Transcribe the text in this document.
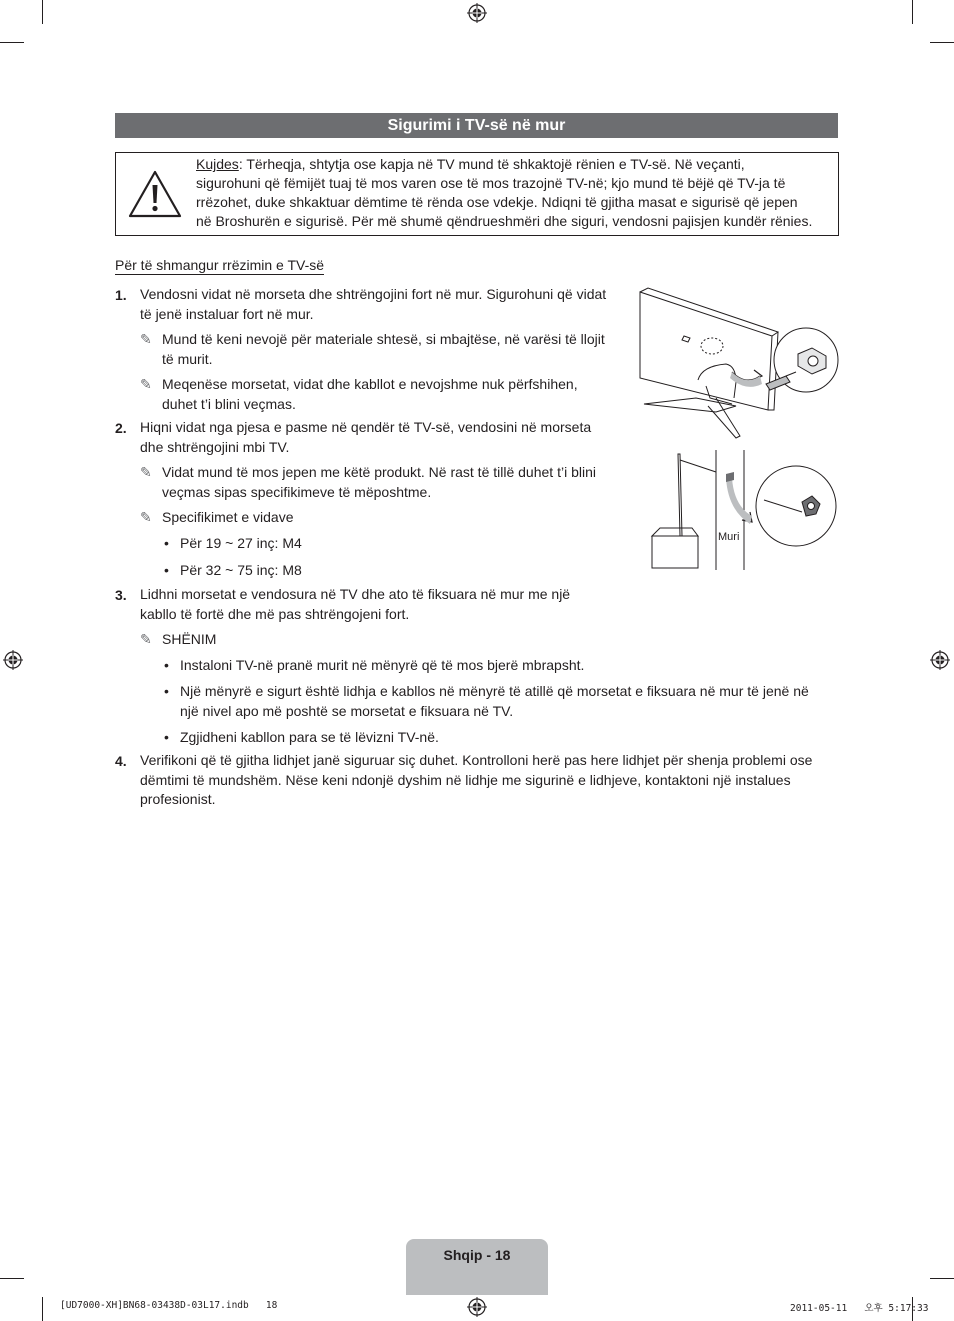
Sigurimi i TV-së në mur
Kujdes: Tërheqja, shtytja ose kapja në TV mund të shkaktojë rënien e TV-së. Në veçanti,
sigurohuni që fëmijët tuaj të mos varen ose të mos trazojnë TV-në; kjo mund të bëjë që TV-ja të
rrëzohet, duke shkaktuar dëmtime të rënda ose vdekje. Ndiqni të gjitha masat e sigurisë që jepen
në Broshurën e sigurisë. Për më shumë qëndrueshmëri dhe siguri, vendosni pajisjen kundër rënies.
Për të shmangur rrëzimin e TV-së
1. Vendosni vidat në morseta dhe shtrëngojini fort në mur. Sigurohuni që vidat
të jenë instaluar fort në mur.
✎ Mund të keni nevojë për materiale shtesë, si mbajtëse, në varësi të llojit
të murit.
✎ Meqenëse morsetat, vidat dhe kabllot e nevojshme nuk përfshihen,
duhet t’i blini veçmas.
2. Hiqni vidat nga pjesa e pasme në qendër të TV-së, vendosini në morseta
dhe shtrëngojini mbi TV.
✎ Vidat mund të mos jepen me këtë produkt. Në rast të tillë duhet t’i blini
veçmas sipas specifikimeve të mëposhtme.
✎ Specifikimet e vidave
• Për 19 ~ 27 inç: M4
• Për 32 ~ 75 inç: M8
3. Lidhni morsetat e vendosura në TV dhe ato të fiksuara në mur me një
kabllo të fortë dhe më pas shtrëngojeni fort.
✎ SHËNIM
• Instaloni TV-në pranë murit në mënyrë që të mos bjerë mbrapsht.
• Një mënyrë e sigurt është lidhja e kabllos në mënyrë të atillë që morsetat e fiksuara në mur të jenë në
një nivel apo më poshtë se morsetat e fiksuara në TV.
• Zgjidheni kabllon para se të lëvizni TV-në.
4. Verifikoni që të gjitha lidhjet janë siguruar siç duhet. Kontrolloni herë pas here lidhjet për shenja problemi ose
dëmtimi të mundshëm. Nëse keni ndonjë dyshim në lidhje me sigurinë e lidhjeve, kontaktoni një instalues
profesionist.
Muri
Shqip - 18
[UD7000-XH]BN68-03438D-03L17.indb   18	2011-05-11   오후 5:17:33
